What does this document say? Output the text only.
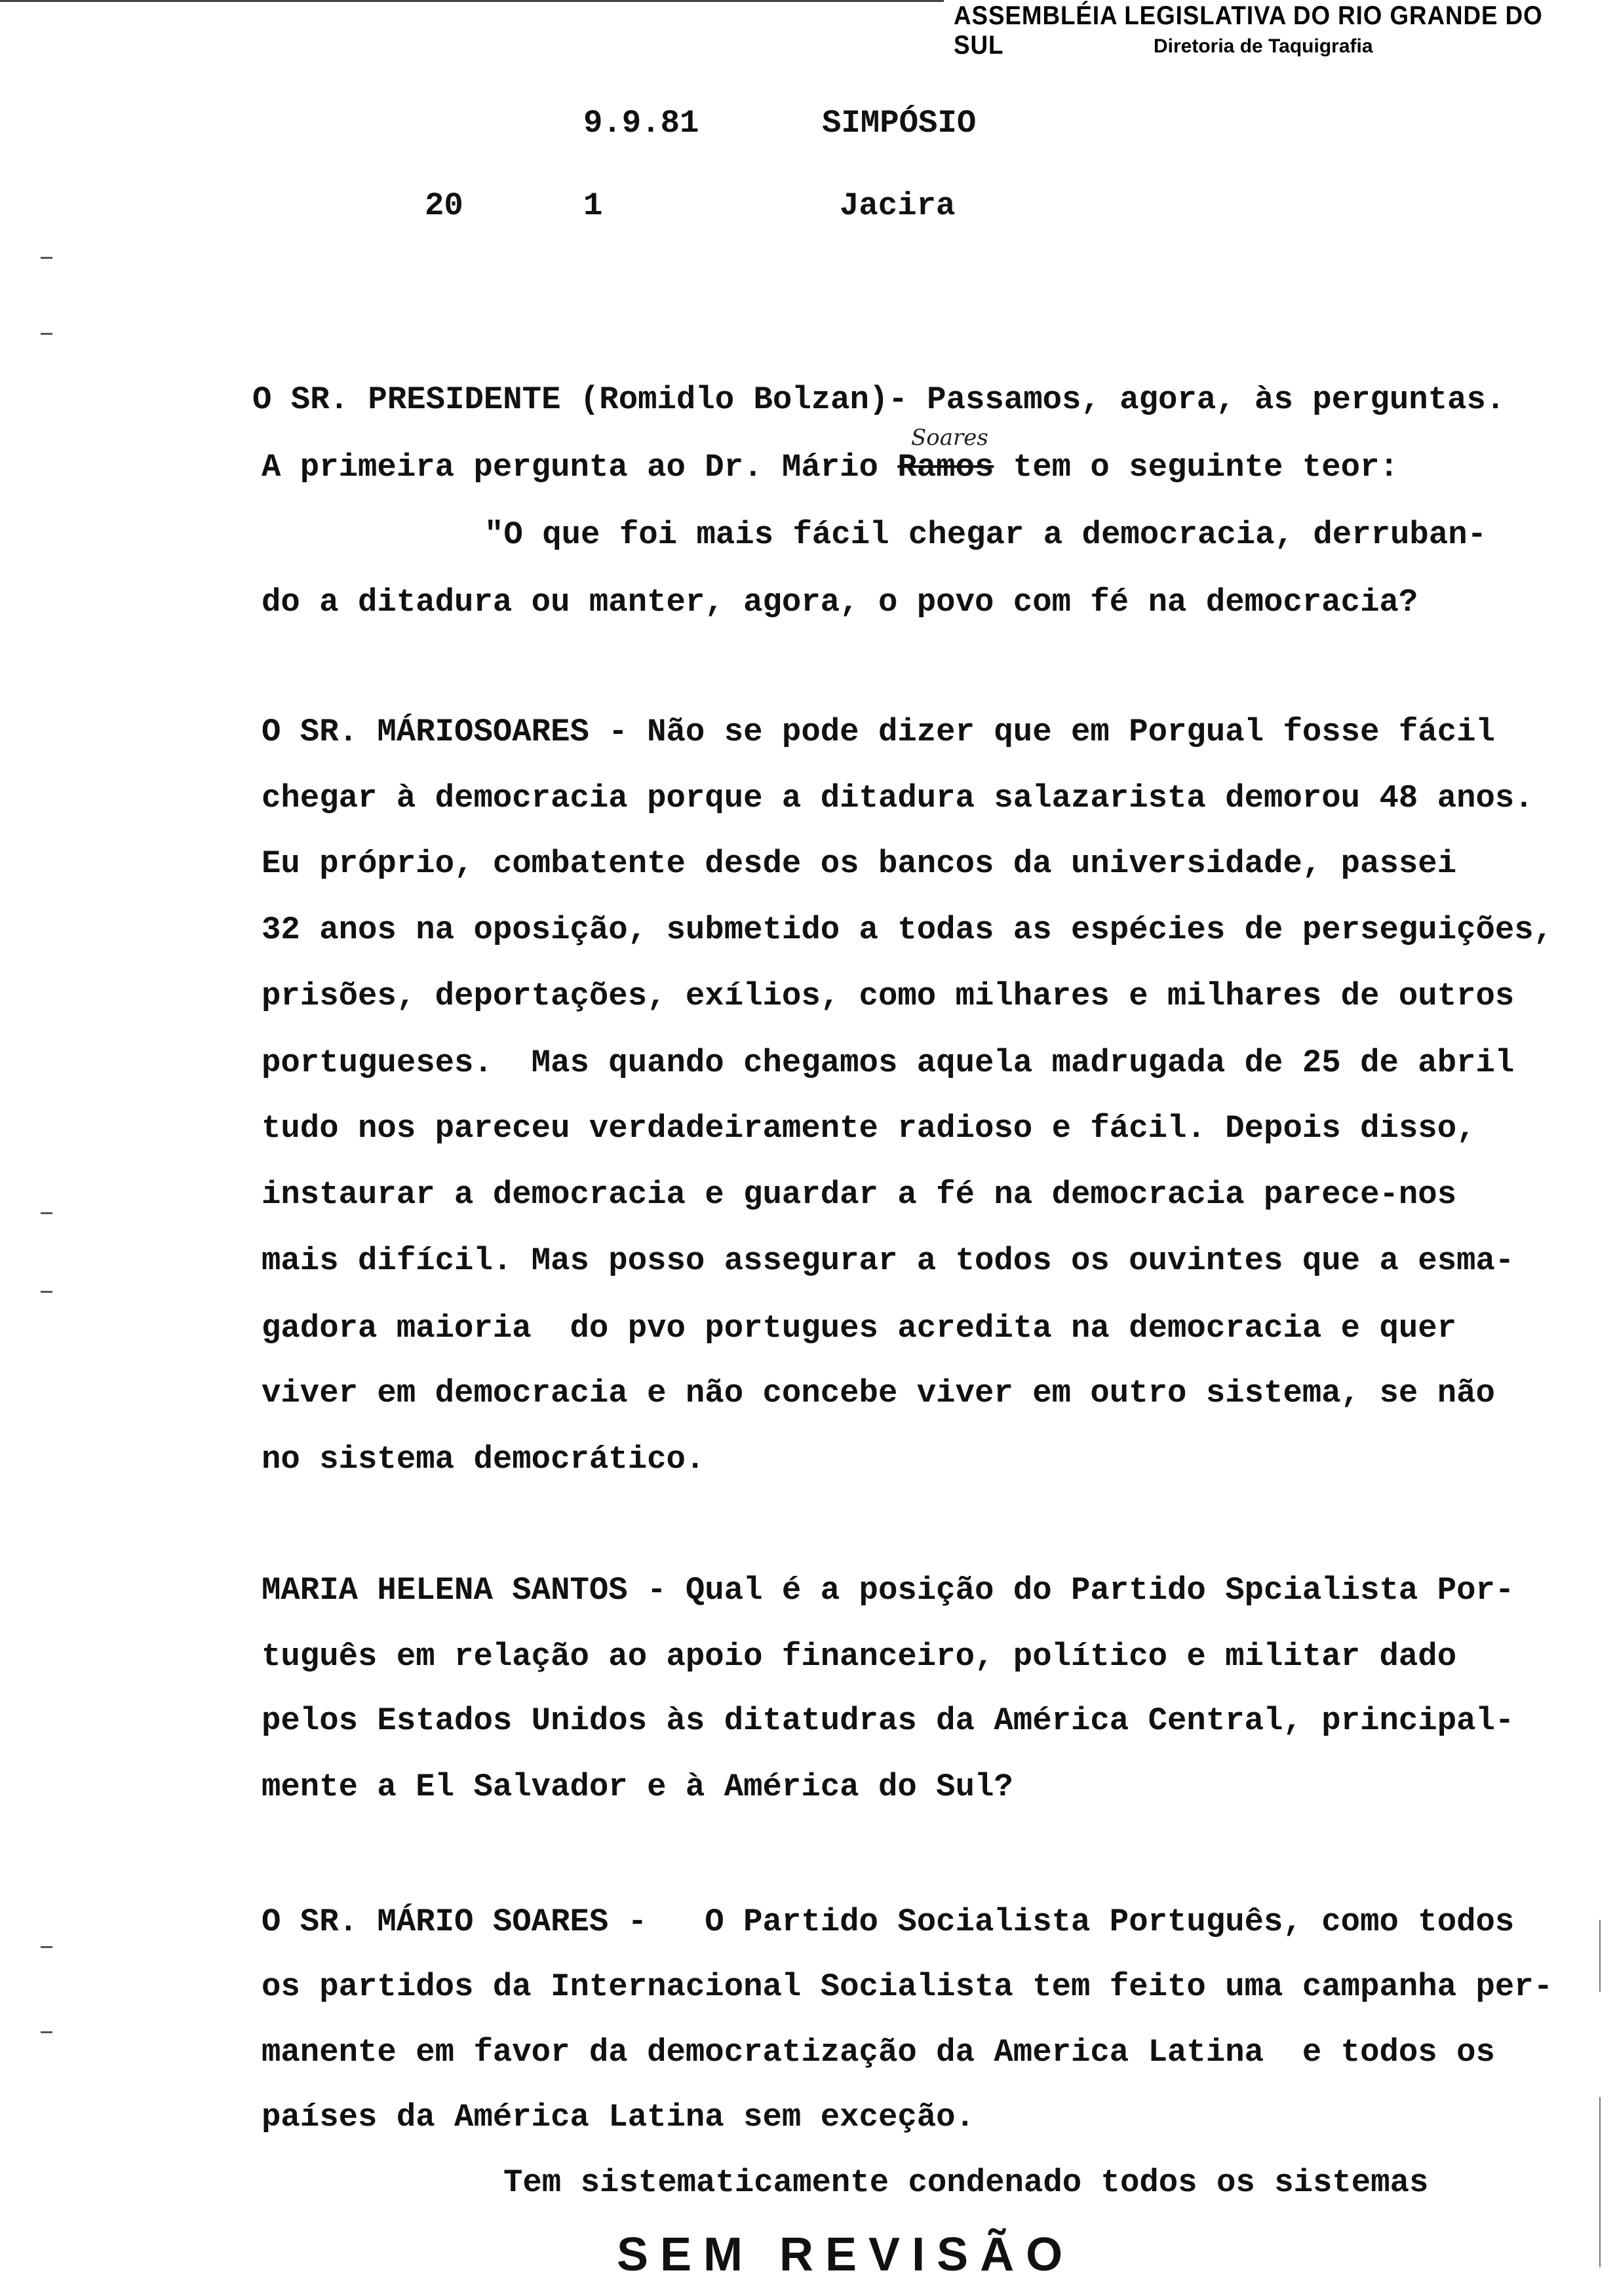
ASSEMBLÉIA LEGISLATIVA DO RIO GRANDE DO SUL	Diretoria de Taquigrafia
9.9.81	SIMPÓSIO
20	1	Jacira
O SR. PRESIDENTE (Romidlo Bolzan)- Passamos, agora, às perguntas.
A primeira pergunta ao Dr. Mário Ramos tem o seguinte teor:
Soares
"O que foi mais fácil chegar a democracia, derruban-
do a ditadura ou manter, agora, o povo com fé na democracia?
O SR. MÁRIOSOARES - Não se pode dizer que em Porgual fosse fácil
chegar à democracia porque a ditadura salazarista demorou 48 anos.
Eu próprio, combatente desde os bancos da universidade, passei
32 anos na oposição, submetido a todas as espécies de perseguições,
prisões, deportações, exílios, como milhares e milhares de outros
portugueses.  Mas quando chegamos aquela madrugada de 25 de abril
tudo nos pareceu verdadeiramente radioso e fácil. Depois disso,
instaurar a democracia e guardar a fé na democracia parece-nos
mais difícil. Mas posso assegurar a todos os ouvintes que a esma-
gadora maioria  do pvo portugues acredita na democracia e quer
viver em democracia e não concebe viver em outro sistema, se não
no sistema democrático.
MARIA HELENA SANTOS - Qual é a posição do Partido Spcialista Por-
tuguês em relação ao apoio financeiro, político e militar dado
pelos Estados Unidos às ditatudras da América Central, principal-
mente a El Salvador e à América do Sul?
O SR. MÁRIO SOARES -   O Partido Socialista Português, como todos
os partidos da Internacional Socialista tem feito uma campanha per-
manente em favor da democratização da America Latina  e todos os
países da América Latina sem exceção.
Tem sistematicamente condenado todos os sistemas
SEM REVISÃO
